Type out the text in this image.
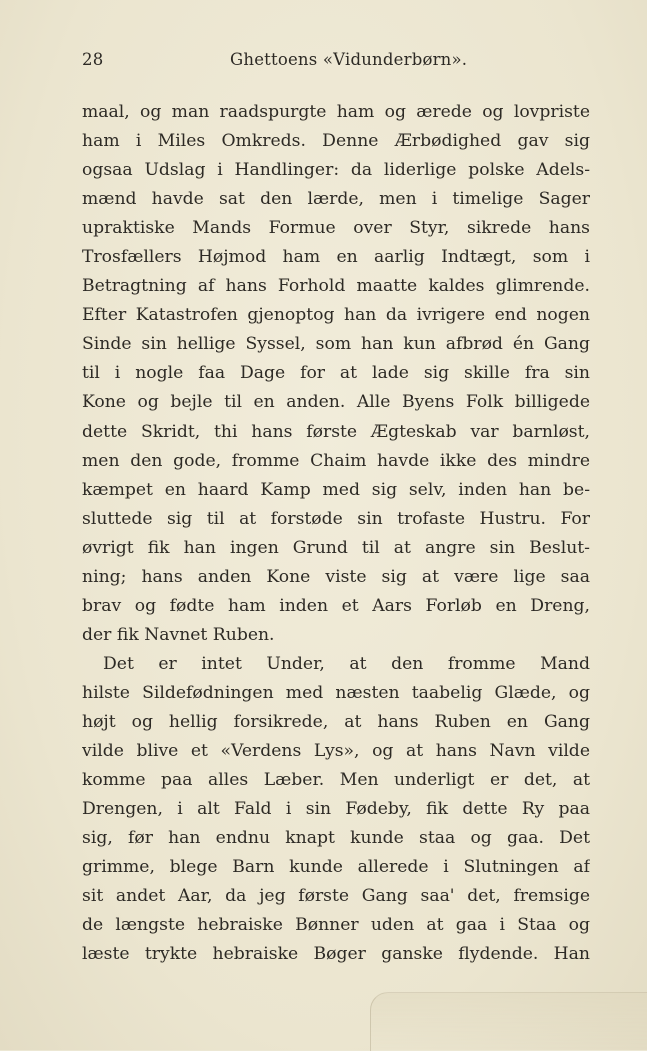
28	Ghettoens «Vidunderbørn».
maal, og man raadspurgte ham og ærede og lovpriste
ham i Miles Omkreds. Denne Ærbødighed gav sig
ogsaa Udslag i Handlinger: da liderlige polske Adels-
mænd havde sat den lærde, men i timelige Sager
upraktiske Mands Formue over Styr, sikrede hans
Trosfællers Højmod ham en aarlig Indtægt, som i
Betragtning af hans Forhold maatte kaldes glimrende.
Efter Katastrofen gjenoptog han da ivrigere end nogen
Sinde sin hellige Syssel, som han kun afbrød én Gang
til i nogle faa Dage for at lade sig skille fra sin
Kone og bejle til en anden. Alle Byens Folk billigede
dette Skridt, thi hans første Ægteskab var barnløst,
men den gode, fromme Chaim havde ikke des mindre
kæmpet en haard Kamp med sig selv, inden han be-
sluttede sig til at forstøde sin trofaste Hustru. For
øvrigt fik han ingen Grund til at angre sin Beslut-
ning; hans anden Kone viste sig at være lige saa
brav og fødte ham inden et Aars Forløb en Dreng,
der fik Navnet Ruben.
Det er intet Under, at den fromme Mand
hilste Sildefødningen med næsten taabelig Glæde, og
højt og hellig forsikrede, at hans Ruben en Gang
vilde blive et «Verdens Lys», og at hans Navn vilde
komme paa alles Læber. Men underligt er det, at
Drengen, i alt Fald i sin Fødeby, fik dette Ry paa
sig, før han endnu knapt kunde staa og gaa. Det
grimme, blege Barn kunde allerede i Slutningen af
sit andet Aar, da jeg første Gang saa' det, fremsige
de længste hebraiske Bønner uden at gaa i Staa og
læste trykte hebraiske Bøger ganske flydende. Han
